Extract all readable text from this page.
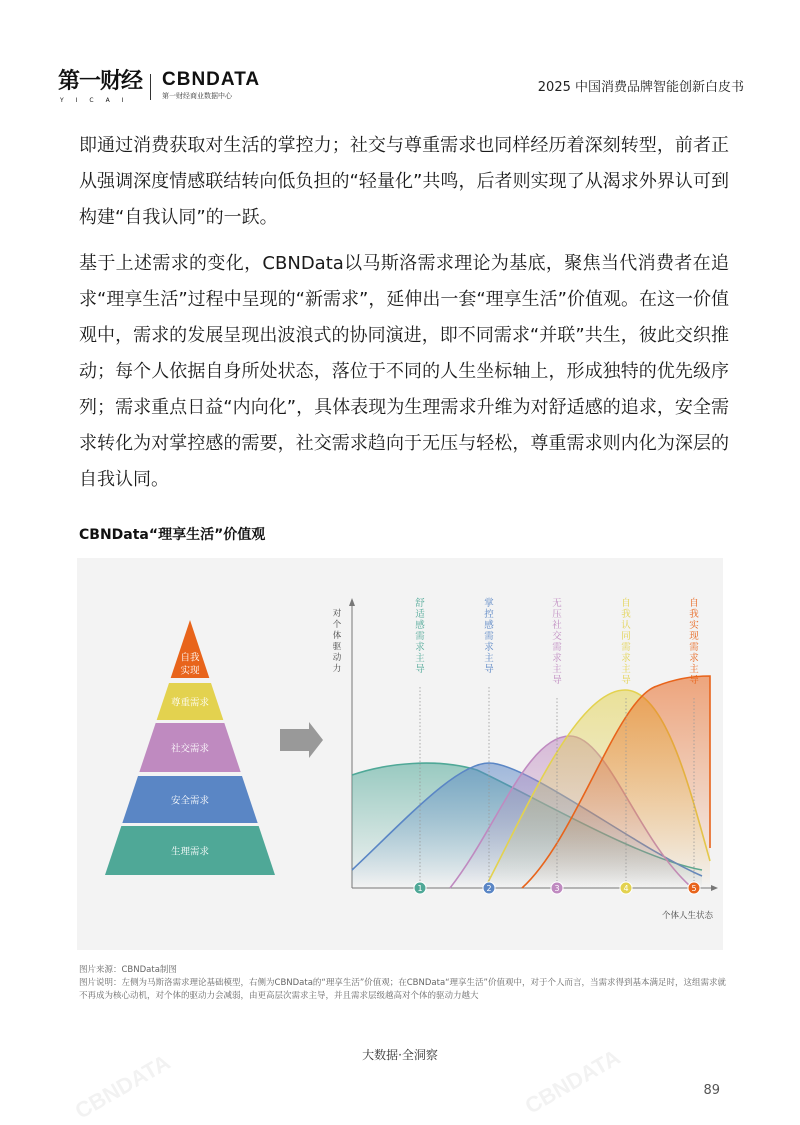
CBNDATA	CBNDATA
第一财经
YICAI
CBNDATA
第一财经商业数据中心
2025 中国消费品牌智能创新白皮书

即通过消费获取对生活的掌控力；社交与尊重需求也同样经历着深刻转型，前者正从强调深度情感联结转向低负担的“轻量化”共鸣，后者则实现了从渴求外界认可到构建“自我认同”的一跃。

基于上述需求的变化，CBNData以马斯洛需求理论为基底，聚焦当代消费者在追求“理享生活”过程中呈现的“新需求”，延伸出一套“理享生活”价值观。在这一价值观中，需求的发展呈现出波浪式的协同演进，即不同需求“并联”共生，彼此交织推动；每个人依据自身所处状态，落位于不同的人生坐标轴上，形成独特的优先级序列；需求重点日益“内向化”，具体表现为生理需求升维为对舒适感的追求，安全需求转化为对掌控感的需要，社交需求趋向于无压与轻松，尊重需求则内化为深层的自我认同。

CBNData“理享生活”价值观
自我
实现
尊重需求
社交需求
安全需求
生理需求
对
个
体
驱
动
力
个体人生状态
舒
适
感
需
求
主
导
1
掌
控
感
需
求
主
导
2
无
压
社
交
需
求
主
导
3
自
我
认
同
需
求
主
导
4
自
我
实
现
需
求
主
导
5
图片来源：CBNData制图
图片说明：左侧为马斯洛需求理论基础模型，右侧为CBNData的“理享生活”价值观；在CBNData“理享生活”价值观中，对于个人而言，当需求得到基本满足时，这组需求就不再成为核心动机，对个体的驱动力会减弱，由更高层次需求主导，并且需求层级越高对个体的驱动力越大
大数据·全洞察
89
